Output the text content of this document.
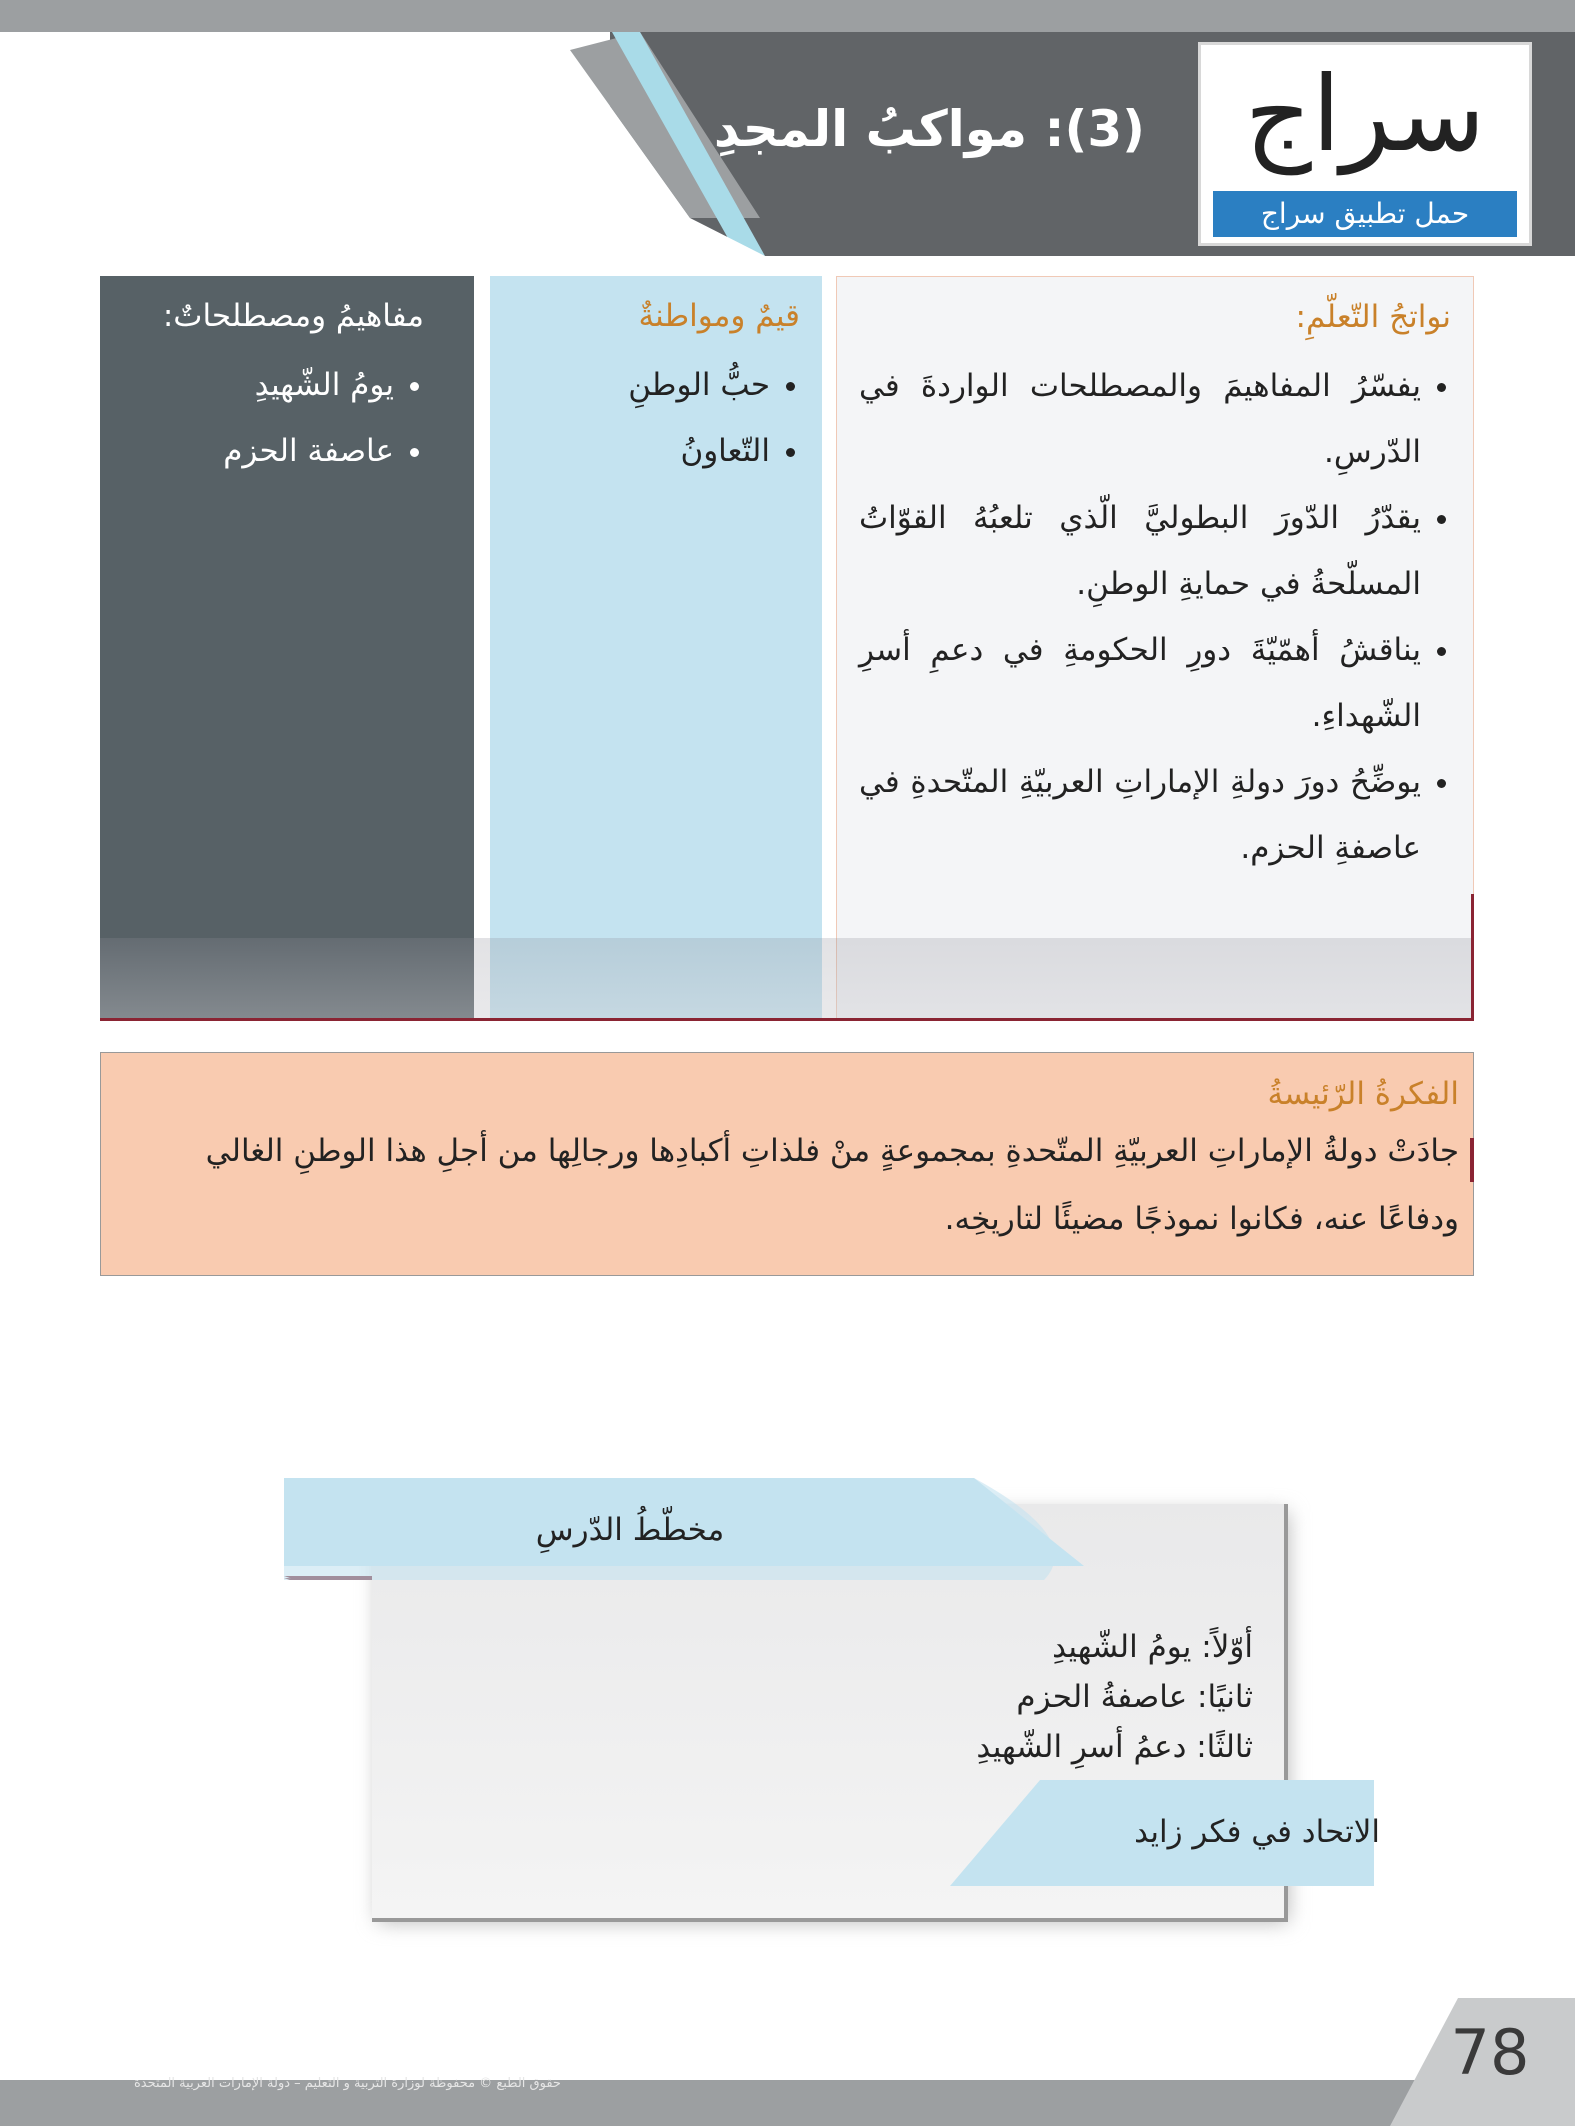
(3): مواكبُ المجدِ سراج
حمل تطبيق سراج
نواتجُ التّعلّمِ:
• يفسّرُ المفاهيمَ والمصطلحات الواردةَ في الدّرسِ.
• يقدّرُ الدّورَ البطوليَّ الّذي تلعبُهُ القوّاتُ المسلّحةُ في حمايةِ الوطنِ.
• يناقشُ أهمّيّةَ دورِ الحكومةِ في دعمِ أسرِ الشّهداءِ.
• يوضِّحُ دورَ دولةِ الإماراتِ العربيّةِ المتّحدةِ في عاصفةِ الحزم.
قيمٌ ومواطنةٌ
• حبُّ الوطنِ
• التّعاونُ
مفاهيمُ ومصطلحاتٌ:
• يومُ الشّهيدِ
• عاصفة الحزم
الفكرةُ الرّئيسةُ
جادَتْ دولةُ الإماراتِ العربيّةِ المتّحدةِ بمجموعةٍ منْ فلذاتِ أكبادِها ورجالِها من أجلِ هذا الوطنِ الغالي ودفاعًا عنه، فكانوا نموذجًا مضيئًا لتاريخِه.
مخطّطُ الدّرسِ
أوّلاً: يومُ الشّهيدِ
ثانيًا: عاصفةُ الحزم
ثالثًا: دعمُ أسرِ الشّهيدِ
الاتحاد في فكر زايد
78
حقوق الطبع © محفوظة لوزارة التربية و التعليم – دولة الإمارات العربية المتحدة
